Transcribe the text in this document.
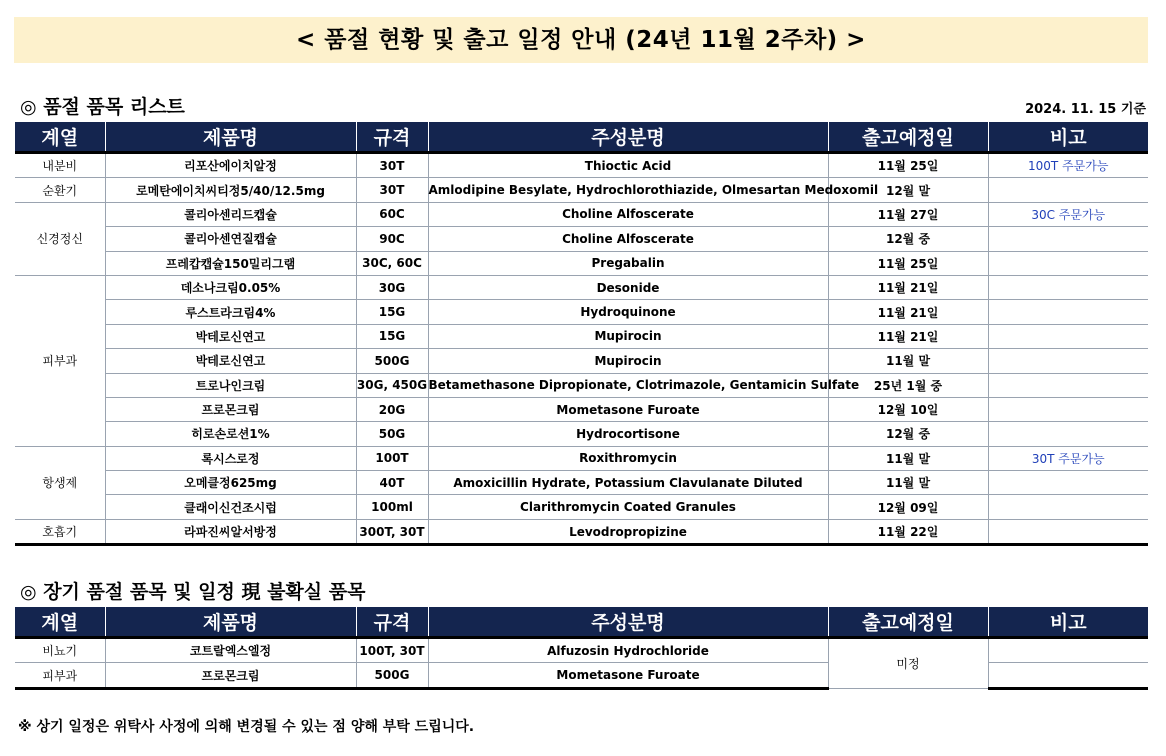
< 품절 현황 및 출고 일정 안내 (24년 11월 2주차) >
◎ 품절 품목 리스트	2024. 11. 15 기준
계열	제품명	규격	주성분명	출고예정일	비고
내분비	리포산에이치알정	30T	Thioctic Acid	11월 25일	100T 주문가능
순환기	로메탄에이치씨티정5/40/12.5mg	30T	Amlodipine Besylate, Hydrochlorothiazide, Olmesartan Medoxomil	12월 말	
신경정신	콜리아센리드캡슐	60C	Choline Alfoscerate	11월 27일	30C 주문가능
	콜리아센연질캡슐	90C	Choline Alfoscerate	12월 중	
	프레캅캡슐150밀리그램	30C, 60C	Pregabalin	11월 25일	
피부과	데소나크림0.05%	30G	Desonide	11월 21일	
	루스트라크림4%	15G	Hydroquinone	11월 21일	
	박테로신연고	15G	Mupirocin	11월 21일	
	박테로신연고	500G	Mupirocin	11월 말	
	트로나인크림	30G, 450G	Betamethasone Dipropionate, Clotrimazole, Gentamicin Sulfate	25년 1월 중	
	프로몬크림	20G	Mometasone Furoate	12월 10일	
	히로손로션1%	50G	Hydrocortisone	12월 중	
항생제	록시스로정	100T	Roxithromycin	11월 말	30T 주문가능
	오메클정625mg	40T	Amoxicillin Hydrate, Potassium Clavulanate Diluted	11월 말	
	클래이신건조시럽	100ml	Clarithromycin Coated Granules	12월 09일	
호흡기	라파진씨알서방정	300T, 30T	Levodropropizine	11월 22일	
◎ 장기 품절 품목 및 일정 現 불확실 품목
계열	제품명	규격	주성분명	출고예정일	비고
비뇨기	코트랄엑스엘정	100T, 30T	Alfuzosin Hydrochloride	미정	
피부과	프로몬크림	500G	Mometasone Furoate		
※ 상기 일정은 위탁사 사정에 의해 변경될 수 있는 점 양해 부탁 드립니다.
